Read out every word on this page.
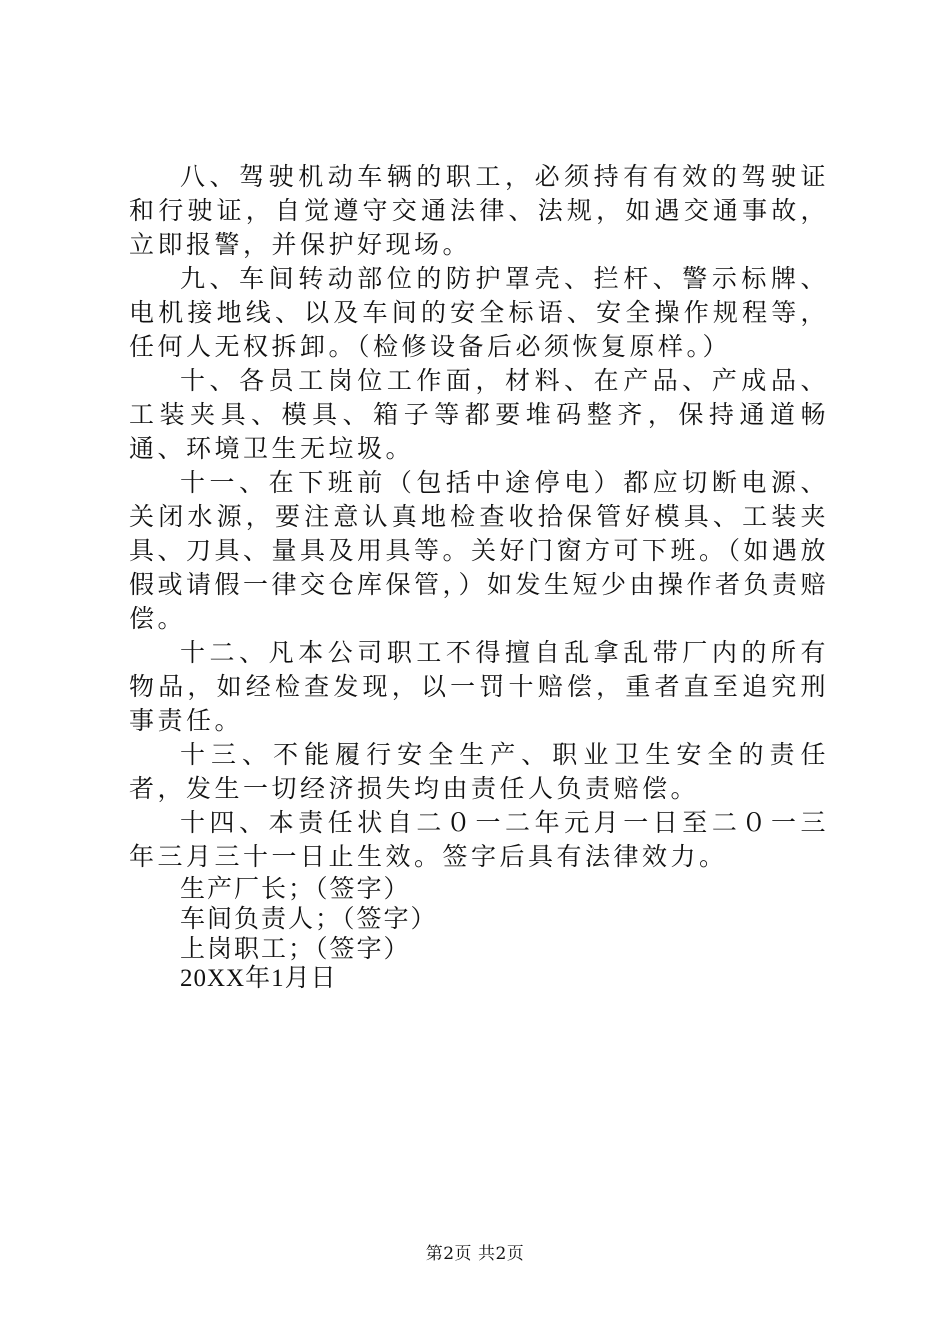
八、驾驶机动车辆的职工，必须持有有效的驾驶证和行驶证，自觉遵守交通法律、法规，如遇交通事故，立即报警，并保护好现场。

九、车间转动部位的防护罩壳、拦杆、警示标牌、电机接地线、以及车间的安全标语、安全操作规程等，任何人无权拆卸。（检修设备后必须恢复原样。）

十、各员工岗位工作面，材料、在产品、产成品、工装夹具、模具、箱子等都要堆码整齐，保持通道畅通、环境卫生无垃圾。

十一、在下班前（包括中途停电）都应切断电源、关闭水源，要注意认真地检查收拾保管好模具、工装夹具、刀具、量具及用具等。关好门窗方可下班。（如遇放假或请假一律交仓库保管，）如发生短少由操作者负责赔偿。

十二、凡本公司职工不得擅自乱拿乱带厂内的所有物品，如经检查发现，以一罚十赔偿，重者直至追究刑事责任。

十三、不能履行安全生产、职业卫生安全的责任者，发生一切经济损失均由责任人负责赔偿。

十四、本责任状自二０一二年元月一日至二０一三年三月三十一日止生效。签字后具有法律效力。

生产厂长；（签字）

车间负责人；（签字）

上岗职工；（签字）

20XX年1月日

第2页 共2页
